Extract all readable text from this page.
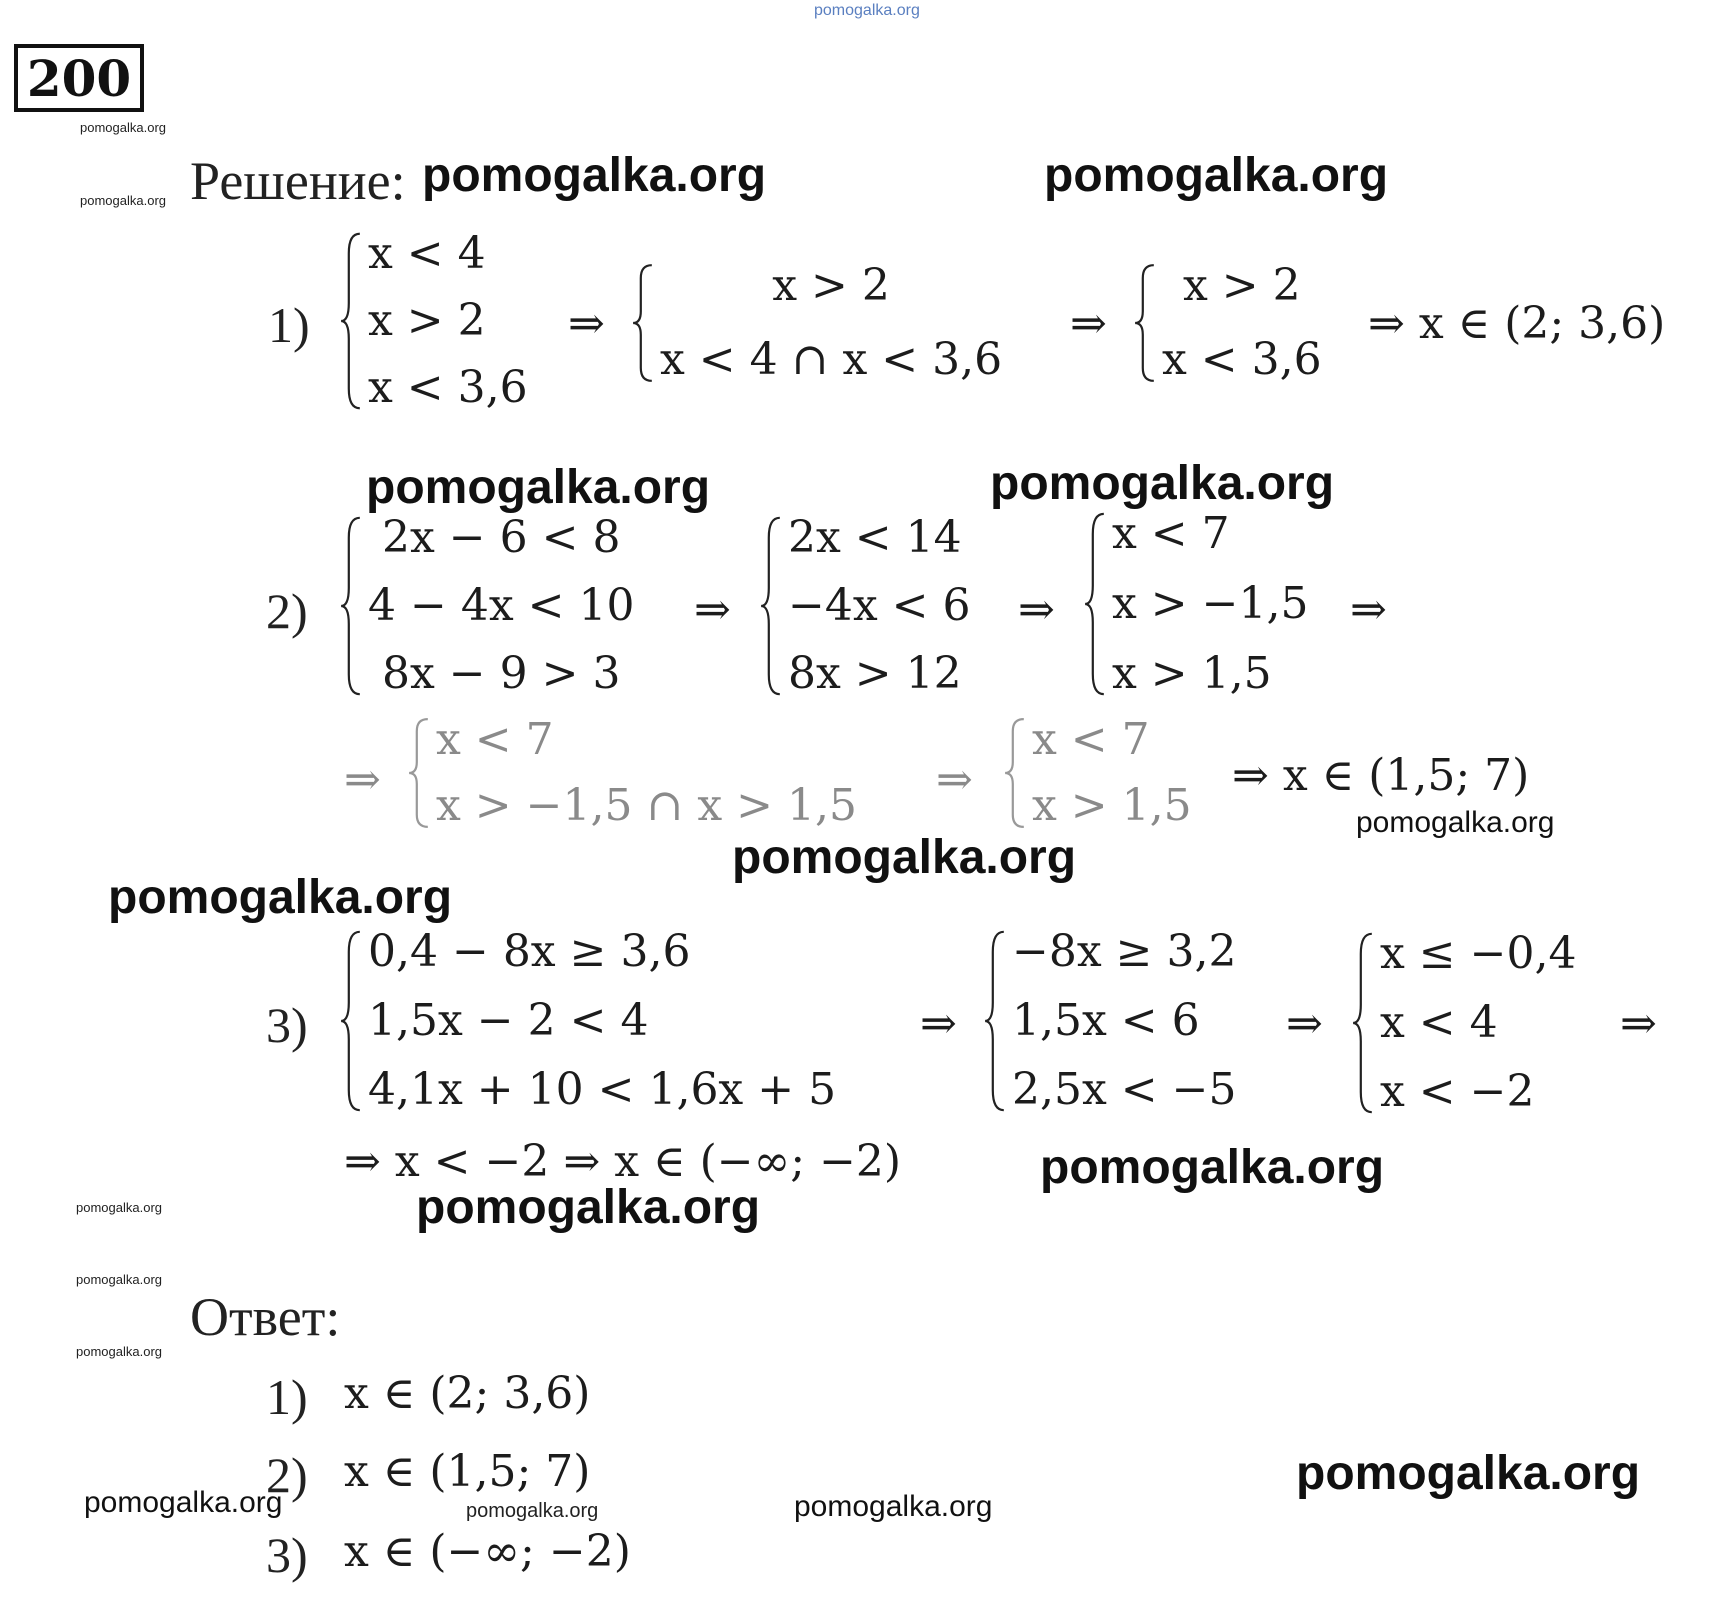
pomogalka.org
200
pomogalka.org
pomogalka.org Решение: pomogalka.org	pomogalka.org
1)
x < 4
x > 2
x < 3,6
⇒
x > 2
x < 4 ∩ x < 3,6
⇒
x > 2
x < 3,6
⇒ x ∈ (2; 3,6)
pomogalka.org	pomogalka.org
2)
2x − 6 < 8
4 − 4x < 10
8x − 9 > 3
⇒
2x < 14
−4x < 6
8x > 12
⇒
x < 7
x > −1,5
x > 1,5
⇒
⇒
x < 7
x > −1,5 ∩ x > 1,5
⇒
x < 7
x > 1,5
⇒ x ∈ (1,5; 7)
pomogalka.org
pomogalka.org
pomogalka.org
3)
0,4 − 8x ≥ 3,6
1,5x − 2 < 4
4,1x + 10 < 1,6x + 5
⇒
−8x ≥ 3,2
1,5x < 6
2,5x < −5
⇒
x ≤ −0,4
x < 4
x < −2
⇒
⇒ x < −2 ⇒ x ∈ (−∞; −2)	pomogalka.org
pomogalka.org
pomogalka.org
pomogalka.org
pomogalka.org
Ответ:
1) x ∈ (2; 3,6)
2) x ∈ (1,5; 7)
3) x ∈ (−∞; −2)
pomogalka.org
pomogalka.org	pomogalka.org	pomogalka.org
